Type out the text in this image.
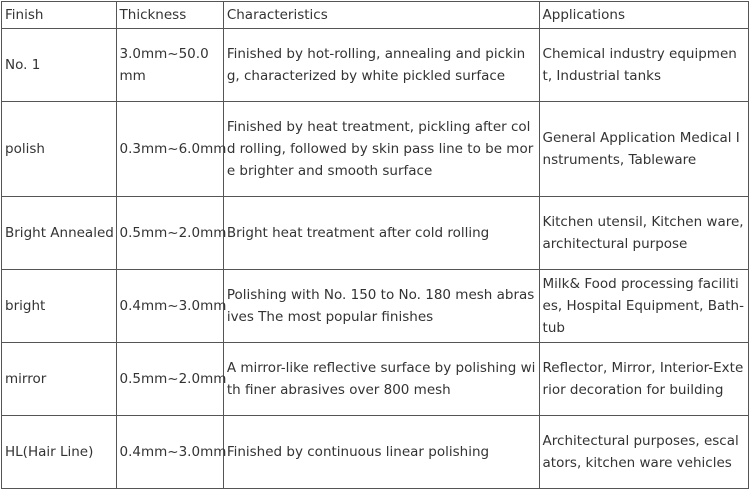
Finish	Thickness	Characteristics	Applications
No. 1	3.0mm~50.0mm	Finished by hot-rolling, annealing and picking, characterized by white pickled surface	Chemical industry equipment, Industrial tanks
polish	0.3mm~6.0mm	Finished by heat treatment, pickling after cold rolling, followed by skin pass line to be more brighter and smooth surface	General Application Medical Instruments, Tableware
Bright Annealed	0.5mm~2.0mm	Bright heat treatment after cold rolling	Kitchen utensil, Kitchen ware, architectural purpose
bright	0.4mm~3.0mm	Polishing with No. 150 to No. 180 mesh abrasives The most popular finishes	Milk& Food processing facilities, Hospital Equipment, Bath-tub
mirror	0.5mm~2.0mm	A mirror-like reflective surface by polishing with finer abrasives over 800 mesh	Reflector, Mirror, Interior-Exterior decoration for building
HL(Hair Line)	0.4mm~3.0mm	Finished by continuous linear polishing	Architectural purposes, escalators, kitchen ware vehicles
